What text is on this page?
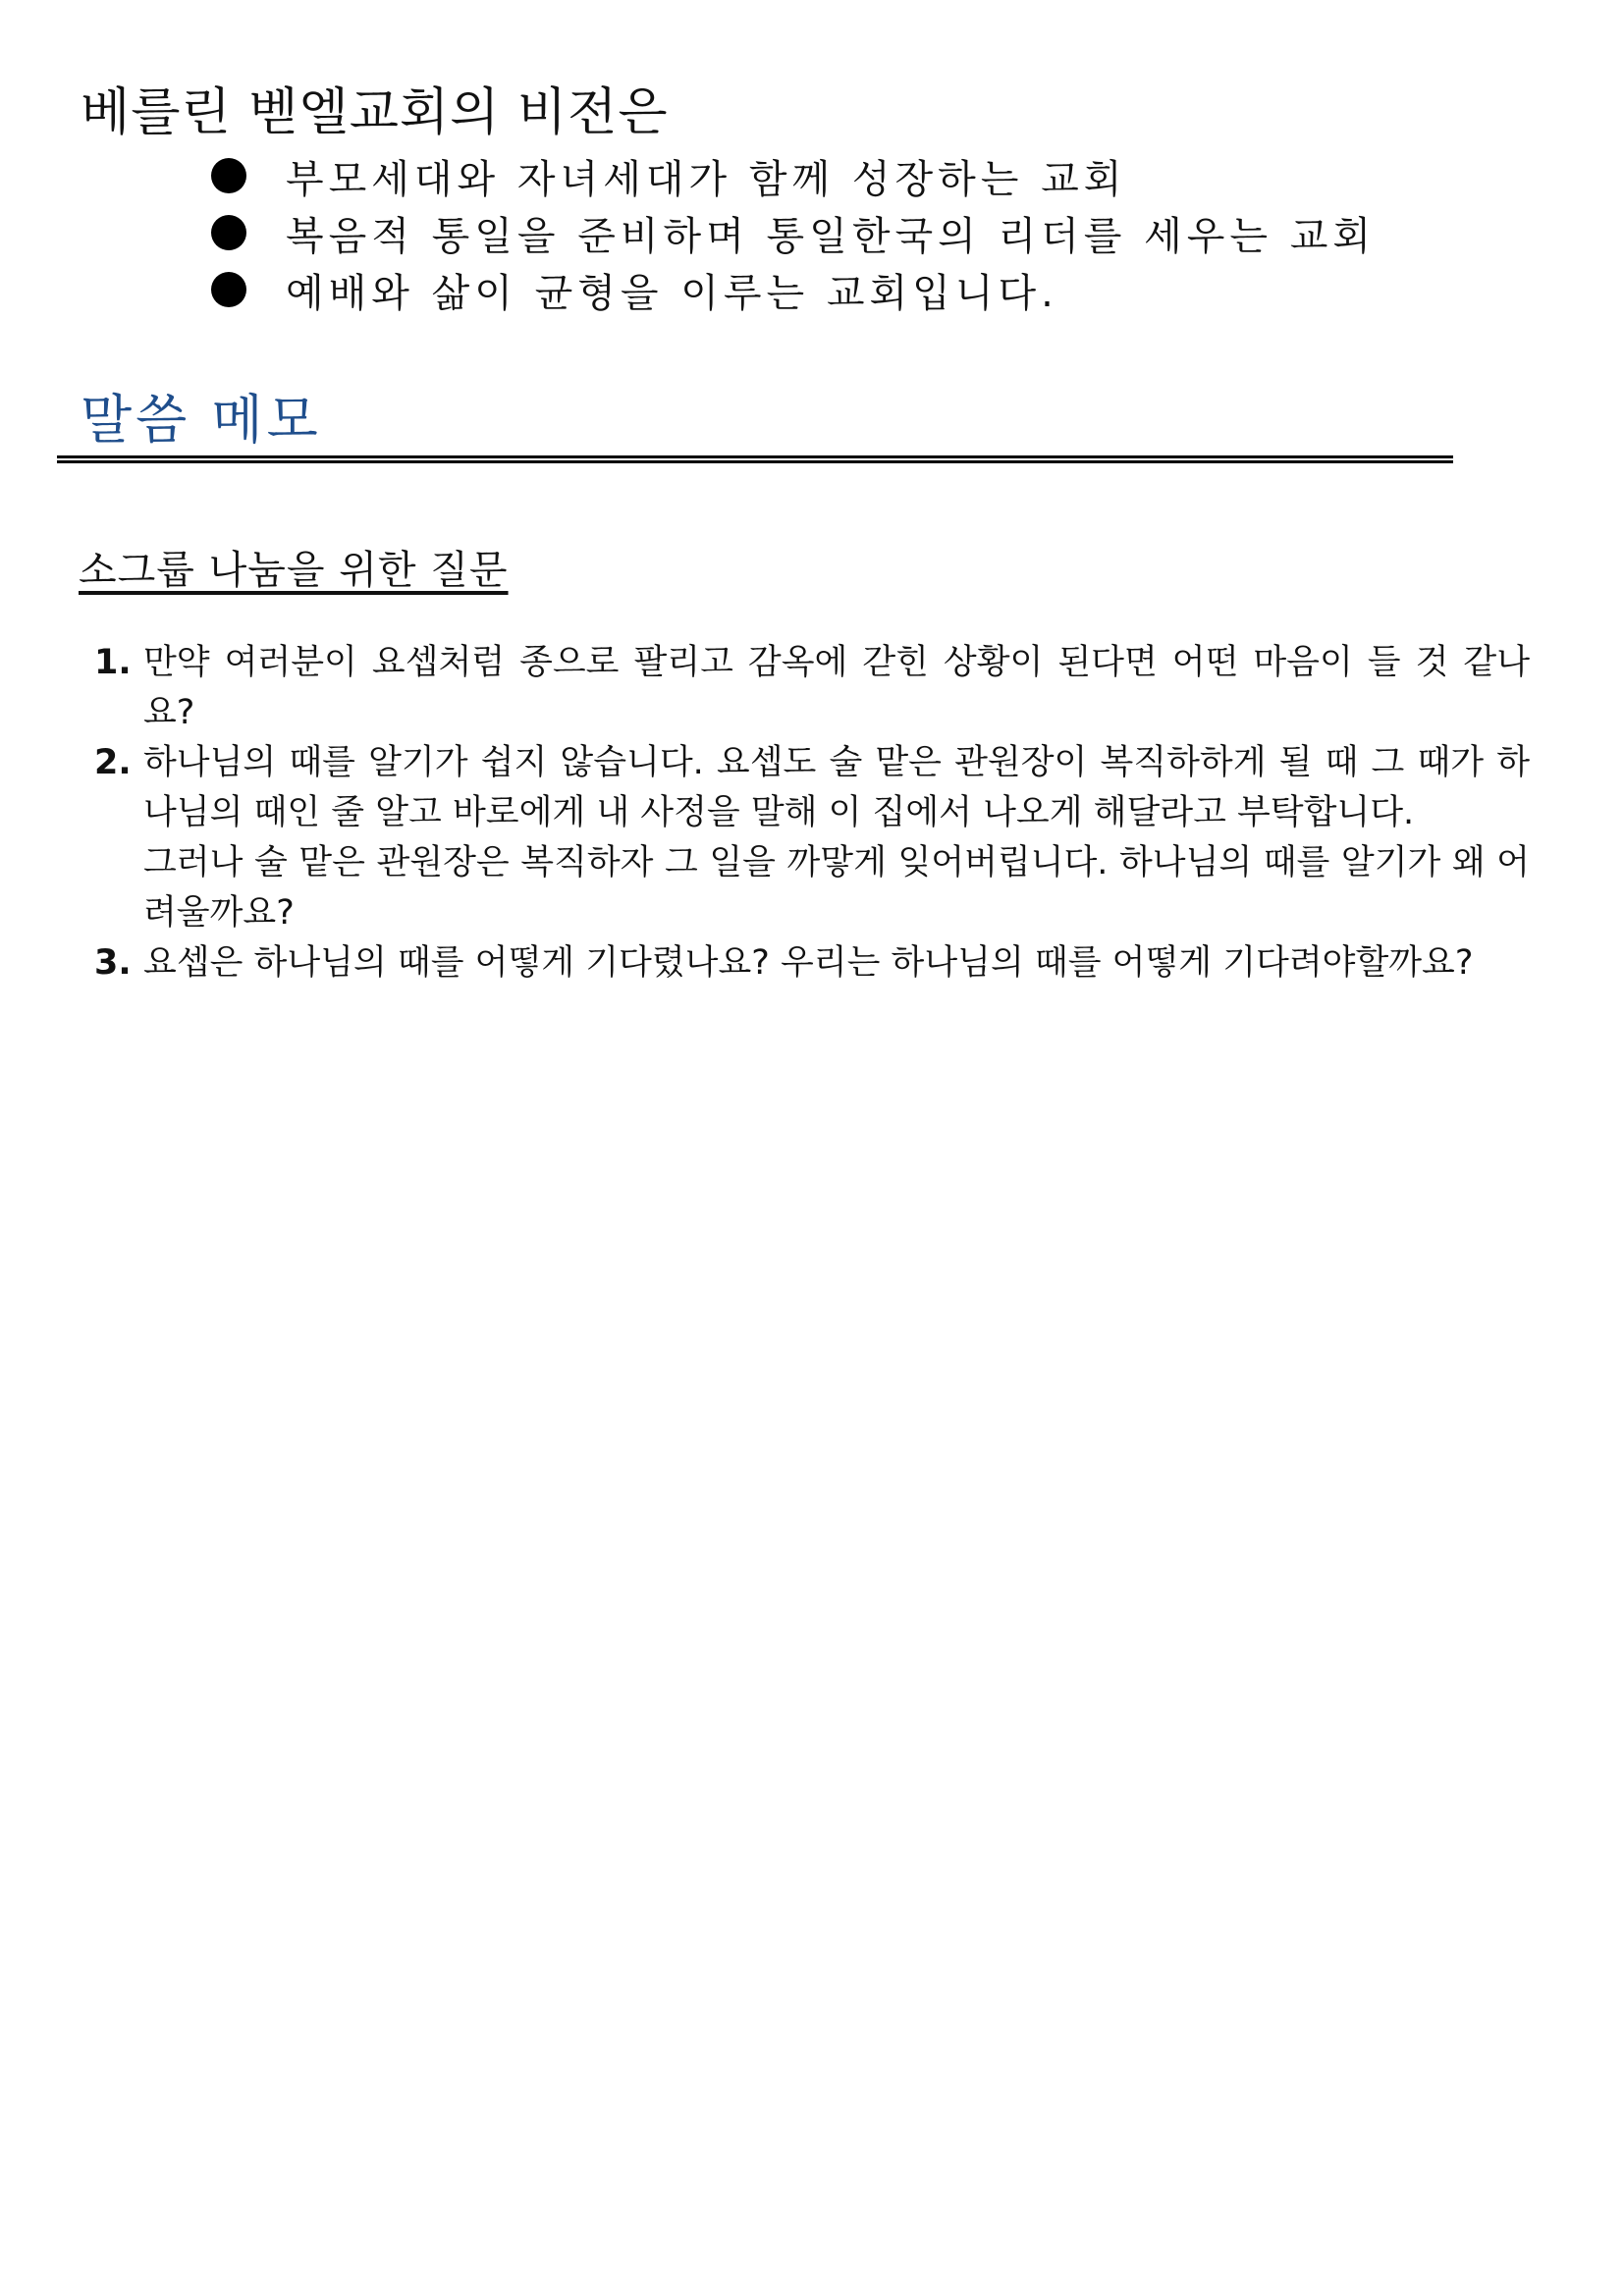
베를린 벧엘교회의 비전은
부모세대와 자녀세대가 함께 성장하는 교회
복음적 통일을 준비하며 통일한국의 리더를 세우는 교회
예배와 삶이 균형을 이루는 교회입니다.
말씀 메모
소그룹 나눔을 위한 질문
1. 만약 여러분이 요셉처럼 종으로 팔리고 감옥에 갇힌 상황이 된다면 어떤 마음이 들 것 같나요?
2. 하나님의 때를 알기가 쉽지 않습니다. 요셉도 술 맡은 관원장이 복직하하게 될 때 그 때가 하나님의 때인 줄 알고 바로에게 내 사정을 말해 이 집에서 나오게 해달라고 부탁합니다.
그러나 술 맡은 관원장은 복직하자 그 일을 까맣게 잊어버립니다. 하나님의 때를 알기가 왜 어려울까요?
3. 요셉은 하나님의 때를 어떻게 기다렸나요? 우리는 하나님의 때를 어떻게 기다려야할까요?
